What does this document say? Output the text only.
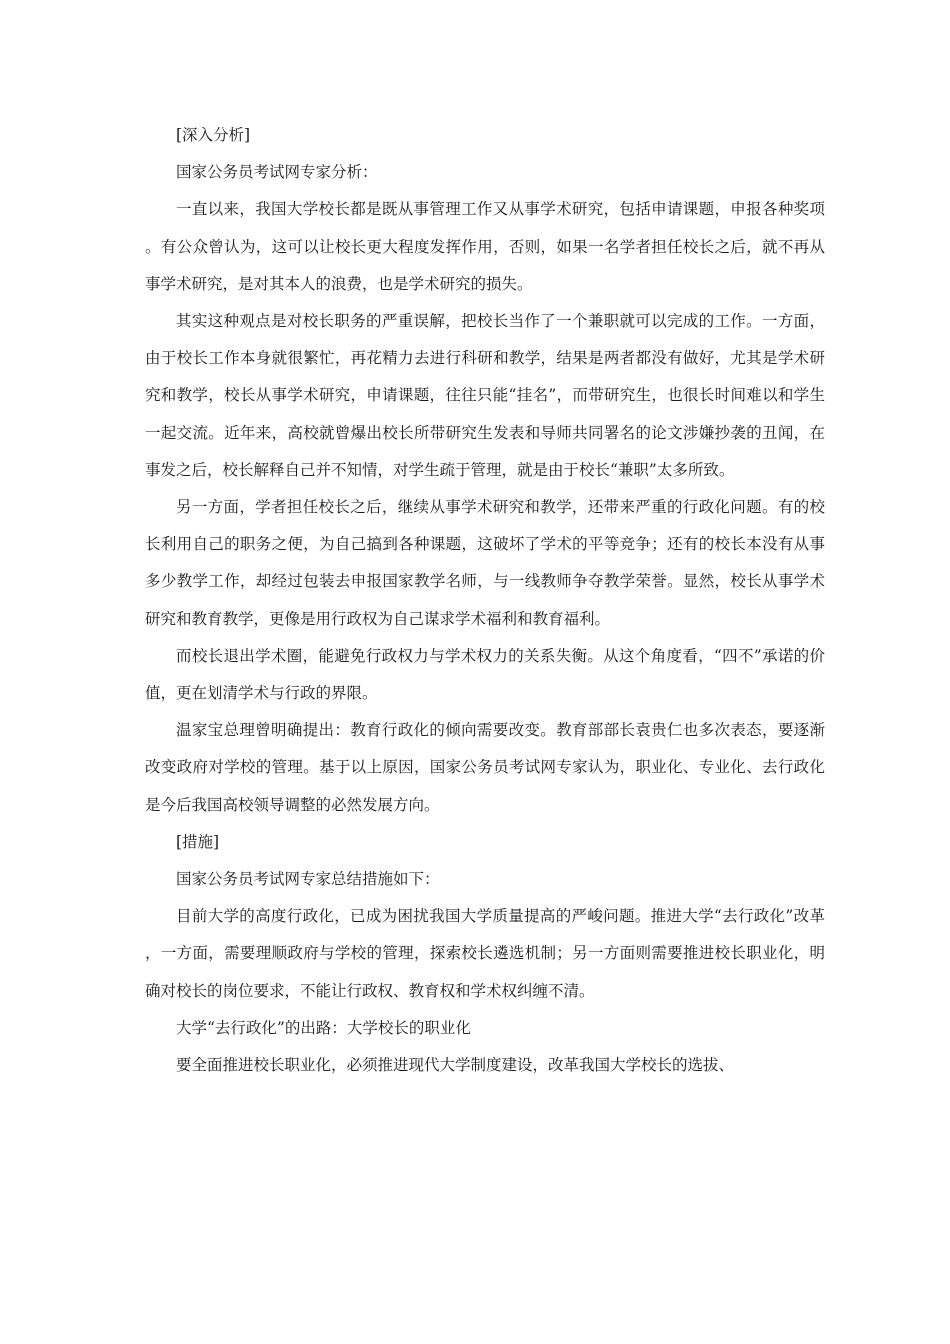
[深入分析]

国家公务员考试网专家分析：

一直以来，我国大学校长都是既从事管理工作又从事学术研究，包括申请课题，申报各种奖项。有公众曾认为，这可以让校长更大程度发挥作用，否则，如果一名学者担任校长之后，就不再从事学术研究，是对其本人的浪费，也是学术研究的损失。

其实这种观点是对校长职务的严重误解，把校长当作了一个兼职就可以完成的工作。一方面，由于校长工作本身就很繁忙，再花精力去进行科研和教学，结果是两者都没有做好，尤其是学术研究和教学，校长从事学术研究，申请课题，往往只能“挂名”，而带研究生，也很长时间难以和学生一起交流。近年来，高校就曾爆出校长所带研究生发表和导师共同署名的论文涉嫌抄袭的丑闻，在事发之后，校长解释自己并不知情，对学生疏于管理，就是由于校长“兼职”太多所致。

另一方面，学者担任校长之后，继续从事学术研究和教学，还带来严重的行政化问题。有的校长利用自己的职务之便，为自己搞到各种课题，这破坏了学术的平等竞争；还有的校长本没有从事多少教学工作，却经过包装去申报国家教学名师，与一线教师争夺教学荣誉。显然，校长从事学术研究和教育教学，更像是用行政权为自己谋求学术福利和教育福利。

而校长退出学术圈，能避免行政权力与学术权力的关系失衡。从这个角度看，“四不”承诺的价值，更在划清学术与行政的界限。

温家宝总理曾明确提出：教育行政化的倾向需要改变。教育部部长袁贵仁也多次表态，要逐渐改变政府对学校的管理。基于以上原因，国家公务员考试网专家认为，职业化、专业化、去行政化是今后我国高校领导调整的必然发展方向。

[措施]

国家公务员考试网专家总结措施如下：

目前大学的高度行政化，已成为困扰我国大学质量提高的严峻问题。推进大学“去行政化”改革，一方面，需要理顺政府与学校的管理，探索校长遴选机制；另一方面则需要推进校长职业化，明确对校长的岗位要求，不能让行政权、教育权和学术权纠缠不清。

大学“去行政化”的出路：大学校长的职业化

要全面推进校长职业化，必须推进现代大学制度建设，改革我国大学校长的选拔、
